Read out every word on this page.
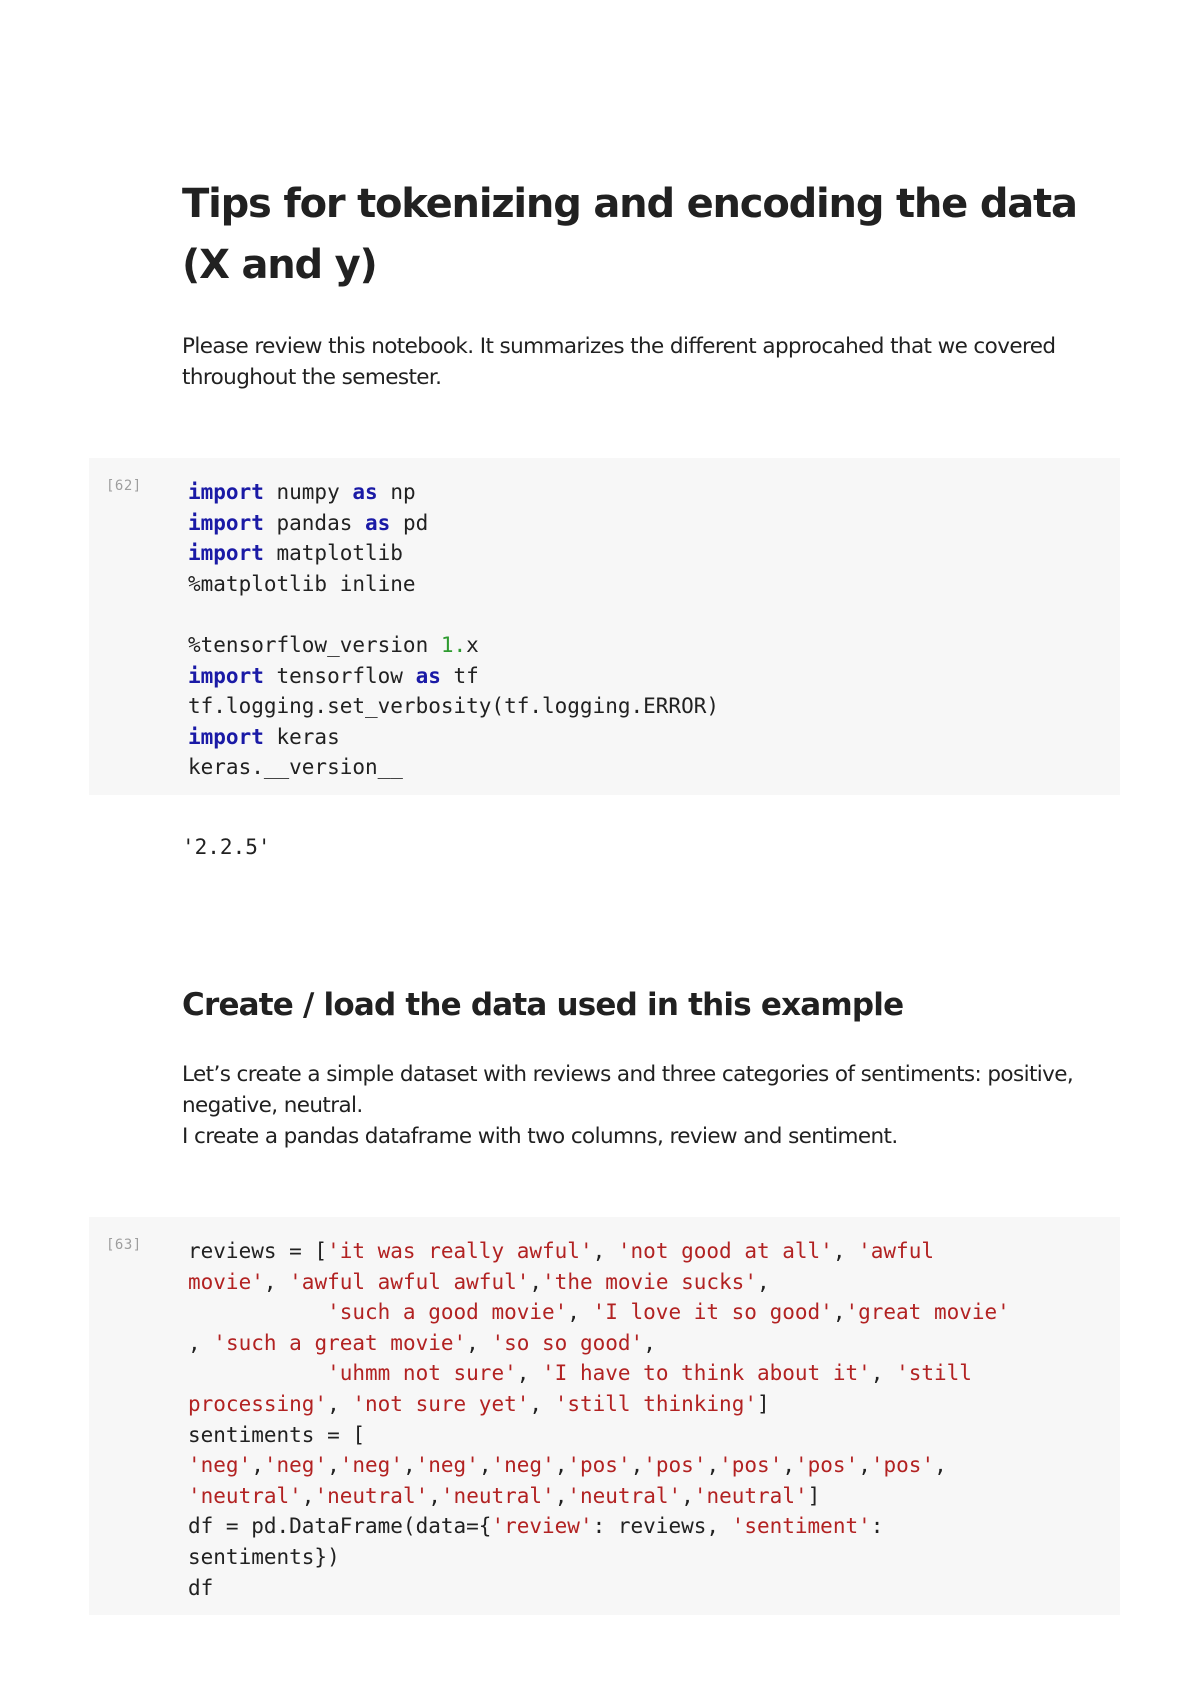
Tips for tokenizing and encoding the data
(X and y)

Please review this notebook. It summarizes the different approcahed that we covered
throughout the semester.

[62] import numpy as np
import pandas as pd
import matplotlib
%matplotlib inline

%tensorflow_version 1.x
import tensorflow as tf
tf.logging.set_verbosity(tf.logging.ERROR)
import keras
keras.__version__
'2.2.5'
Create / load the data used in this example

Let’s create a simple dataset with reviews and three categories of sentiments: positive,
negative, neutral.
I create a pandas dataframe with two columns, review and sentiment.

[63] reviews = ['it was really awful', 'not good at all', 'awful
movie', 'awful awful awful','the movie sucks',
'such a good movie', 'I love it so good','great movie'
, 'such a great movie', 'so so good',
'uhmm not sure', 'I have to think about it', 'still
processing', 'not sure yet', 'still thinking']
sentiments = [
'neg','neg','neg','neg','neg','pos','pos','pos','pos','pos',
'neutral','neutral','neutral','neutral','neutral']
df = pd.DataFrame(data={'review': reviews, 'sentiment':
sentiments})
df
